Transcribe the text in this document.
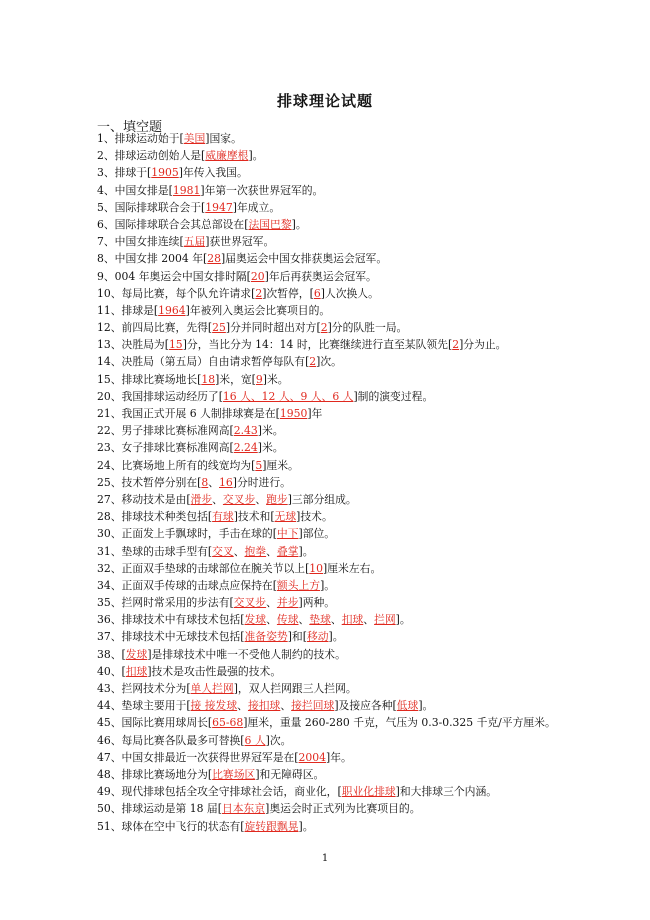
排球理论试题
一、填空题
1、排球运动始于[美国]国家。
2、排球运动创始人是[威廉摩根]。
3、排球于[1905]年传入我国。
4、中国女排是[1981]年第一次获世界冠军的。
5、国际排球联合会于[1947]年成立。
6、国际排球联合会其总部设在[法国巴黎]。
7、中国女排连续[五届]获世界冠军。
8、中国女排 2004 年[28]届奥运会中国女排获奥运会冠军。
9、004 年奥运会中国女排时隔[20]年后再获奥运会冠军。
10、每局比赛，每个队允许请求[2]次暂停，[6]人次换人。
11、排球是[1964]年被列入奥运会比赛项目的。
12、前四局比赛，先得[25]分并同时超出对方[2]分的队胜一局。
13、决胜局为[15]分，当比分为 14：14 时，比赛继续进行直至某队领先[2]分为止。
14、决胜局（第五局）自由请求暂停每队有[2]次。
15、排球比赛场地长[18]米，宽[9]米。
20、我国排球运动经历了[16 人、12 人、9 人、6 人]制的演变过程。
21、我国正式开展 6 人制排球赛是在[1950]年
22、男子排球比赛标准网高[2.43]米。
23、女子排球比赛标准网高[2.24]米。
24、比赛场地上所有的线宽均为[5]厘米。
25、技术暂停分别在[8、16]分时进行。
27、移动技术是由[滑步、交叉步、跑步]三部分组成。
28、排球技术种类包括[有球]技术和[无球]技术。
30、正面发上手飘球时，手击在球的[中下]部位。
31、垫球的击球手型有[交叉、抱拳、叠掌]。
32、正面双手垫球的击球部位在腕关节以上[10]厘米左右。
34、正面双手传球的击球点应保持在[额头上方]。
35、拦网时常采用的步法有[交叉步、并步]两种。
36、排球技术中有球技术包括[发球、传球、垫球、扣球、拦网]。
37、排球技术中无球技术包括[准备姿势]和[移动]。
38、[发球]是排球技术中唯一不受他人制约的技术。
40、[扣球]技术是攻击性最强的技术。
43、拦网技术分为[单人拦网]，双人拦网跟三人拦网。
44、垫球主要用于[接 接发球、接扣球、接拦回球]及接应各种[低球]。
45、国际比赛用球周长[65-68]厘米，重量 260-280 千克，气压为 0.3-0.325 千克/平方厘米。
46、每局比赛各队最多可替换[6 人]次。
47、中国女排最近一次获得世界冠军是在[2004]年。
48、排球比赛场地分为[比赛场区]和无障碍区。
49、现代排球包括全攻全守排球社会话，商业化，[职业化排球]和大排球三个内涵。
50、排球运动是第 18 届[日本东京]奥运会时正式列为比赛项目的。
51、球体在空中飞行的状态有[旋转跟飘晃]。
1
